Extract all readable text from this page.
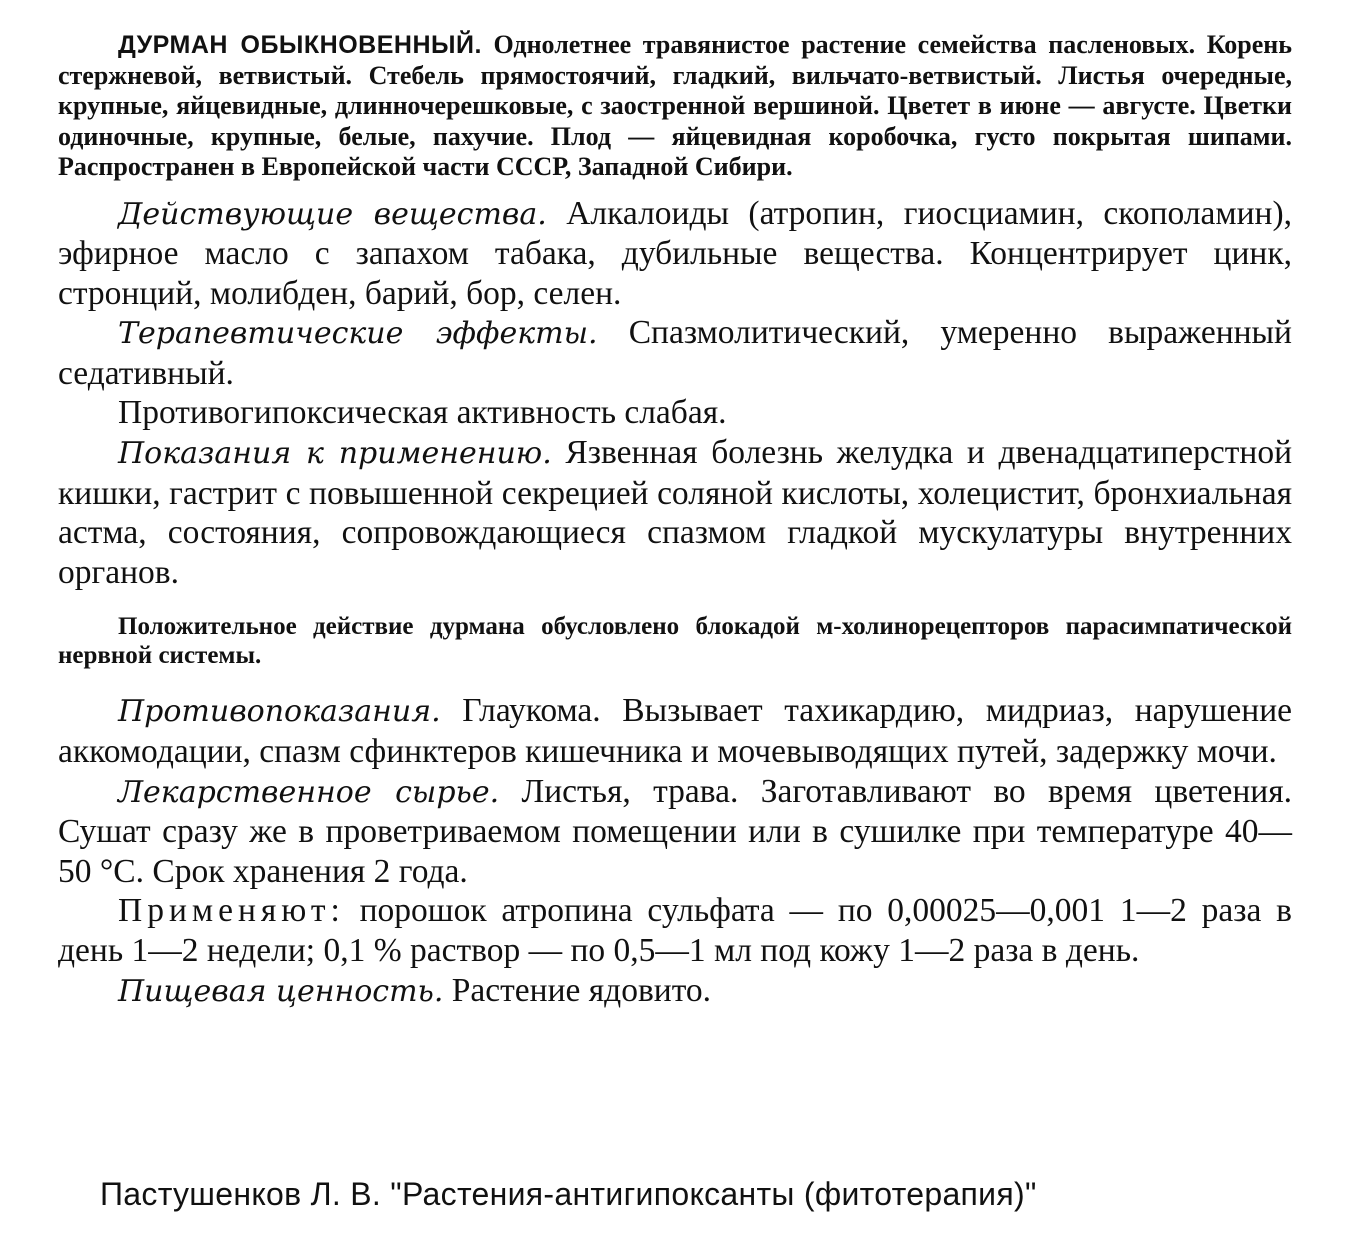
ДУРМАН ОБЫКНОВЕННЫЙ. Однолетнее травянистое растение семейства пасленовых. Корень стержневой, ветвистый. Стебель прямостоячий, гладкий, вильчато-ветвистый. Листья очередные, крупные, яйцевидные, длинночерешковые, с заостренной вершиной. Цветет в июне — августе. Цветки одиночные, крупные, белые, пахучие. Плод — яйцевидная коробочка, густо покрытая шипами. Распространен в Европейской части СССР, Западной Сибири.

Действующие вещества. Алкалоиды (атропин, гиосциамин, скополамин), эфирное масло с запахом табака, дубильные вещества. Концентрирует цинк, стронций, молибден, барий, бор, селен.

Терапевтические эффекты. Спазмолитический, умеренно выраженный седативный.

Противогипоксическая активность слабая.

Показания к применению. Язвенная болезнь желудка и двенадцатиперстной кишки, гастрит с повышенной секрецией соляной кислоты, холецистит, бронхиальная астма, состояния, сопровождающиеся спазмом гладкой мускулатуры внутренних органов.

Положительное действие дурмана обусловлено блокадой м-холинорецепторов парасимпатической нервной системы.

Противопоказания. Глаукома. Вызывает тахикардию, мидриаз, нарушение аккомодации, спазм сфинктеров кишечника и мочевыводящих путей, задержку мочи.

Лекарственное сырье. Листья, трава. Заготавливают во время цветения. Сушат сразу же в проветриваемом помещении или в сушилке при температуре 40—50 °С. Срок хранения 2 года.

Применяют: порошок атропина сульфата — по 0,00025—0,001 1—2 раза в день 1—2 недели; 0,1 % раствор — по 0,5—1 мл под кожу 1—2 раза в день.

Пищевая ценность. Растение ядовито.

Пастушенков Л. В. "Растения-антигипоксанты (фитотерапия)"
